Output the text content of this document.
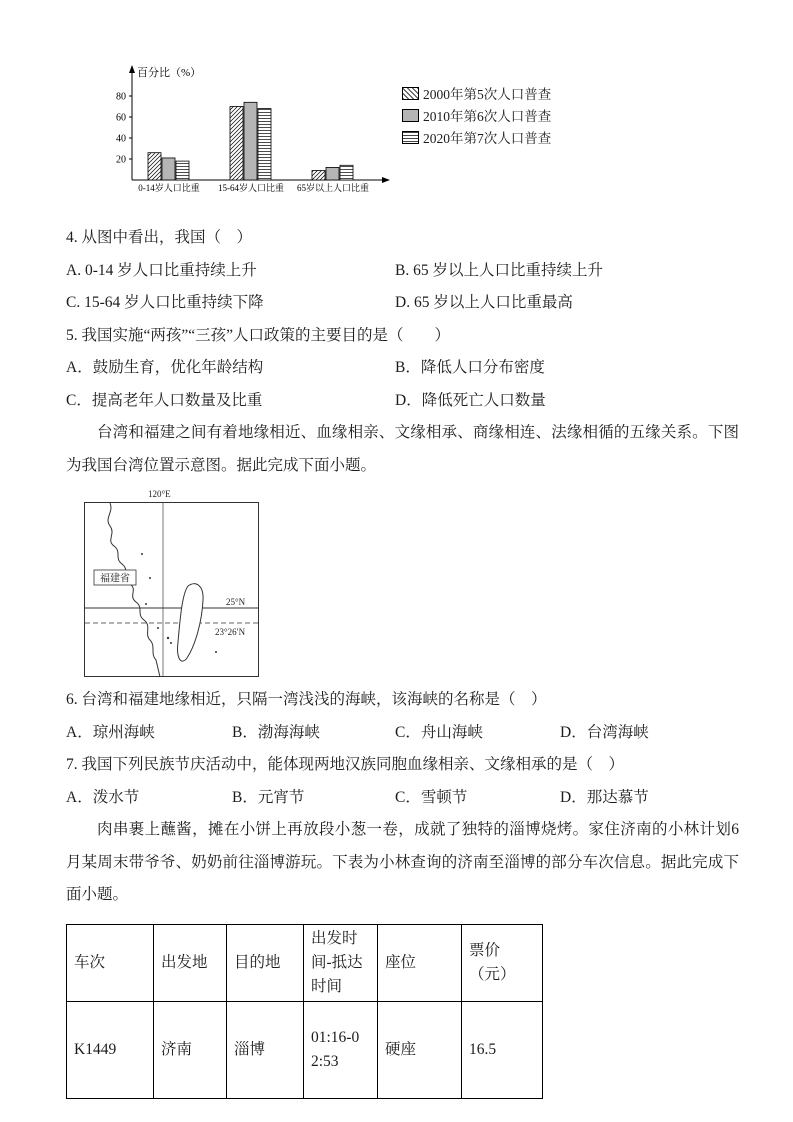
百分比（%）
20
40
60
80
0-14岁人口比重 15-64岁人口比重 65岁以上人口比重
2000年第5次人口普查
2010年第6次人口普查
2020年第7次人口普查
4. 从图中看出，我国（　）
A. 0-14 岁人口比重持续上升	B. 65 岁以上人口比重持续上升
C. 15-64 岁人口比重持续下降	D. 65 岁以上人口比重最高
5. 我国实施“两孩”“三孩”人口政策的主要目的是（　　）
A．鼓励生育，优化年龄结构	B．降低人口分布密度
C．提高老年人口数量及比重	D．降低死亡人口数量

台湾和福建之间有着地缘相近、血缘相亲、文缘相承、商缘相连、法缘相循的五缘关系。下图为我国台湾位置示意图。据此完成下面小题。

120°E
福建省
25°N
23°26′N
6. 台湾和福建地缘相近，只隔一湾浅浅的海峡，该海峡的名称是（　）
A．琼州海峡	B．渤海海峡	C．舟山海峡	D．台湾海峡
7. 我国下列民族节庆活动中，能体现两地汉族同胞血缘相亲、文缘相承的是（　）
A．泼水节	B．元宵节	C．雪顿节	D．那达慕节

肉串裹上蘸酱，摊在小饼上再放段小葱一卷，成就了独特的淄博烧烤。家住济南的小林计划6月某周末带爷爷、奶奶前往淄博游玩。下表为小林查询的济南至淄博的部分车次信息。据此完成下面小题。

车次	出发地	目的地	出发时间-抵达时间	座位	票价（元）
K1449	济南	淄博	01:16-02:53	硬座	16.5
